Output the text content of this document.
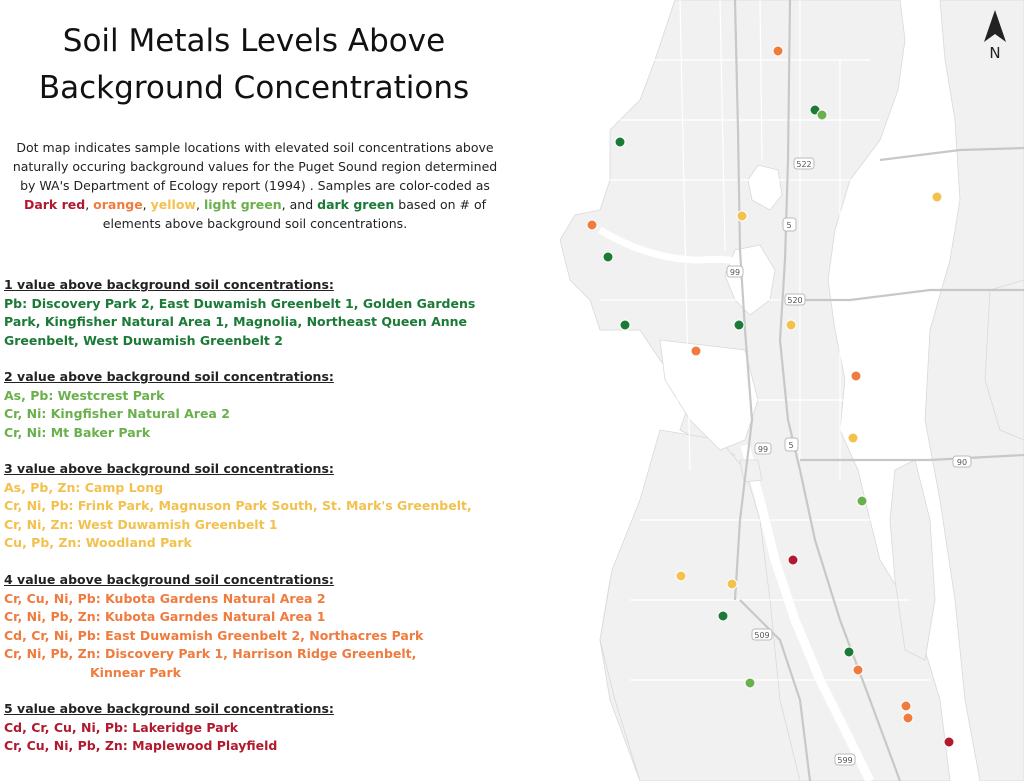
Soil Metals Levels Above Background Concentrations
Dot map indicates sample locations with elevated soil concentrations above naturally occuring background values for the Puget Sound region determined by WA's Department of Ecology report (1994) . Samples are color-coded as
Dark red, orange, yellow, light green, and dark green based on # of elements above background soil concentrations.
1 value above background soil concentrations:
Pb: Discovery Park 2, East Duwamish Greenbelt 1, Golden Gardens Park, Kingfisher Natural Area 1, Magnolia, Northeast Queen Anne Greenbelt, West Duwamish Greenbelt 2
2 value above background soil concentrations:
As, Pb: Westcrest Park
Cr, Ni: Kingfisher Natural Area 2
Cr, Ni: Mt Baker Park
3 value above background soil concentrations:
As, Pb, Zn: Camp Long
Cr, Ni, Pb: Frink Park, Magnuson Park South, St. Mark's Greenbelt,
Cr, Ni, Zn: West Duwamish Greenbelt 1
Cu, Pb, Zn: Woodland Park
4 value above background soil concentrations:
Cr, Cu, Ni, Pb: Kubota Gardens Natural Area 2
Cr, Ni, Pb, Zn: Kubota Garndes Natural Area 1
Cd, Cr, Ni, Pb: East Duwamish Greenbelt 2, Northacres Park
Cr, Ni, Pb, Zn: Discovery Park 1, Harrison Ridge Greenbelt,
Kinnear Park
5 value above background soil concentrations:
Cd, Cr, Cu, Ni, Pb: Lakeridge Park
Cr, Cu, Ni, Pb, Zn: Maplewood Playfield
522
5
99
520
99	5
90
509
599
N
